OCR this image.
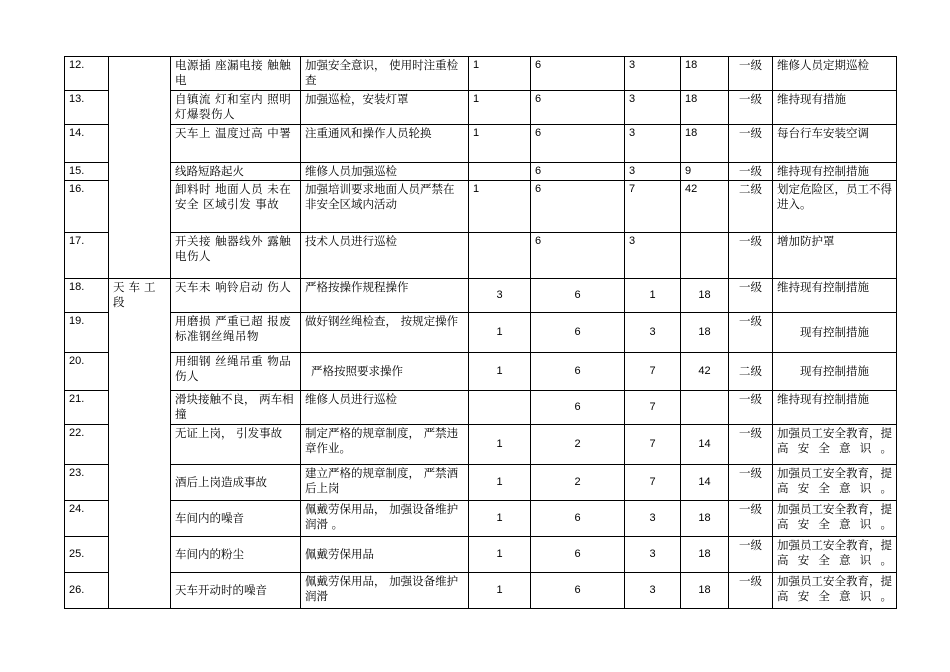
12.		电源插 座漏电接 触触电	加强安全意识， 使用时注重检查	1	6	3	18	一级	维修人员定期巡检
13.		自镇流 灯和室内 照明灯爆裂伤人	加强巡检，安装灯罩	1	6	3	18	一级	维持现有措施
14.		天车上 温度过高 中署	注重通风和操作人员轮换	1	6	3	18	一级	每台行车安装空调
15.		线路短路起火	维修人员加强巡检		6	3	9	一级	维持现有控制措施
16.		卸料时 地面人员 未在安全 区域引发 事故	加强培训要求地面人员严禁在非安全区域内活动	1	6	7	42	二级	划定危险区，员工不得进入。
17.		开关接 触器线外 露触电伤人	技术人员进行巡检		6	3		一级	增加防护罩
18.	天车工段	天车未 响铃启动 伤人	严格按操作规程操作	3	6	1	18	一级	维持现有控制措施
19.		用磨损 严重已超 报废标准钢丝绳吊物	做好钢丝绳检查， 按规定操作	1	6	3	18	一级	现有控制措施
20.		用细钢 丝绳吊重 物品伤人	严格按照要求操作	1	6	7	42	二级	现有控制措施
21.		滑块接触不良， 两车相撞	维修人员进行巡检		6	7		一级	维持现有控制措施
22.		无证上岗， 引发事故	制定严格的规章制度， 严禁违章作业。	1	2	7	14	一级	加强员工安全教育，提高安全意识。
23.		酒后上岗造成事故	建立严格的规章制度， 严禁酒后上岗	1	2	7	14	一级	加强员工安全教育，提高安全意识。
24.		车间内的噪音	佩戴劳保用品， 加强设备维护润滑 。	1	6	3	18	一级	加强员工安全教育，提高安全意识。
25.		车间内的粉尘	佩戴劳保用品	1	6	3	18	一级	加强员工安全教育，提高安全意识。
26.		天车开动时的噪音	佩戴劳保用品， 加强设备维护润滑	1	6	3	18	一级	加强员工安全教育，提高安全意识。
